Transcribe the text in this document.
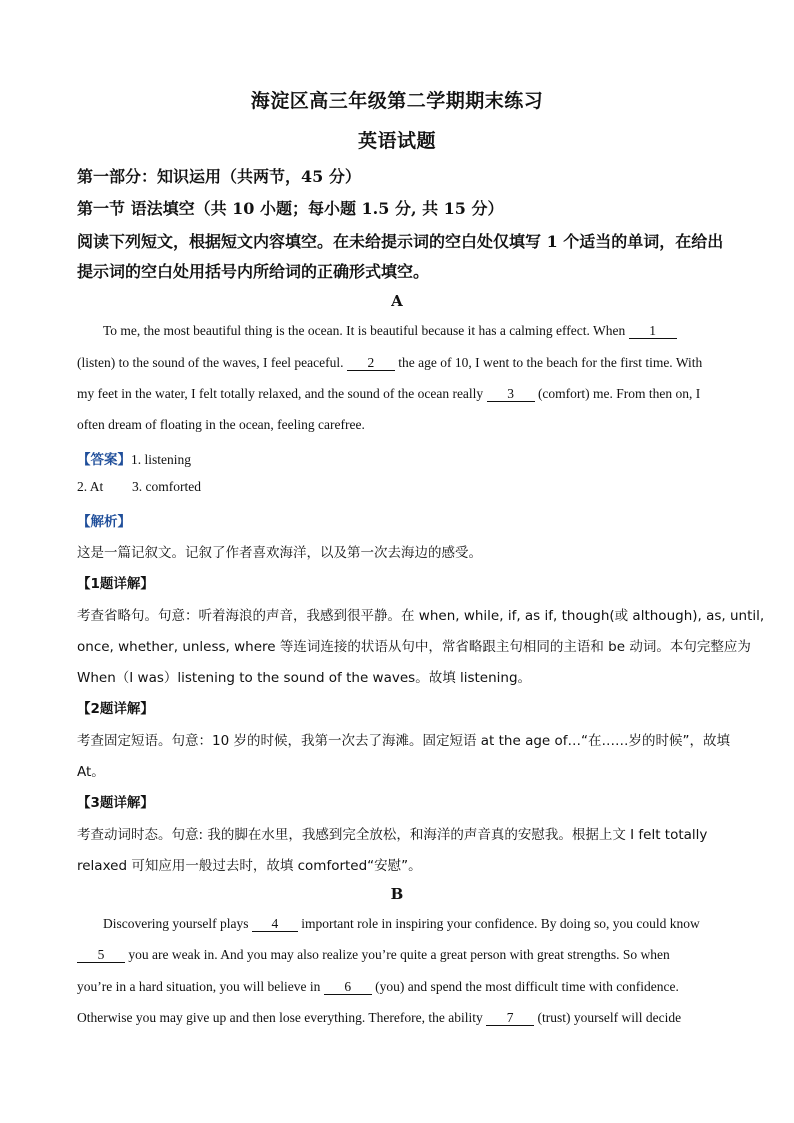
海淀区高三年级第二学期期末练习
英语试题
第一部分：知识运用（共两节，45 分）
第一节 语法填空（共 10 小题；每小题 1.5 分, 共 15 分）
阅读下列短文，根据短文内容填空。在未给提示词的空白处仅填写 1 个适当的单词，在给出
提示词的空白处用括号内所给词的正确形式填空。
A
To me, the most beautiful thing is the ocean. It is beautiful because it has a calming effect. When 1
(listen) to the sound of the waves, I feel peaceful. 2 the age of 10, I went to the beach for the first time. With
my feet in the water, I felt totally relaxed, and the sound of the ocean really 3 (comfort) me. From then on, I
often dream of floating in the ocean, feeling carefree.
【答案】1. listening
2. At 3. comforted
【解析】
这是一篇记叙文。记叙了作者喜欢海洋，以及第一次去海边的感受。
【1题详解】
考查省略句。句意：听着海浪的声音，我感到很平静。在 when, while, if, as if, though(或 although), as, until,
once, whether, unless, where 等连词连接的状语从句中，常省略跟主句相同的主语和 be 动词。本句完整应为
When（I was）listening to the sound of the waves。故填 listening。
【2题详解】
考查固定短语。句意：10 岁的时候，我第一次去了海滩。固定短语 at the age of…“在……岁的时候”，故填
At。
【3题详解】
考查动词时态。句意: 我的脚在水里，我感到完全放松，和海洋的声音真的安慰我。根据上文 I felt totally
relaxed 可知应用一般过去时，故填 comforted“安慰”。
B
Discovering yourself plays 4 important role in inspiring your confidence. By doing so, you could know
5 you are weak in. And you may also realize you’re quite a great person with great strengths. So when
you’re in a hard situation, you will believe in 6 (you) and spend the most difficult time with confidence.
Otherwise you may give up and then lose everything. Therefore, the ability 7 (trust) yourself will decide
